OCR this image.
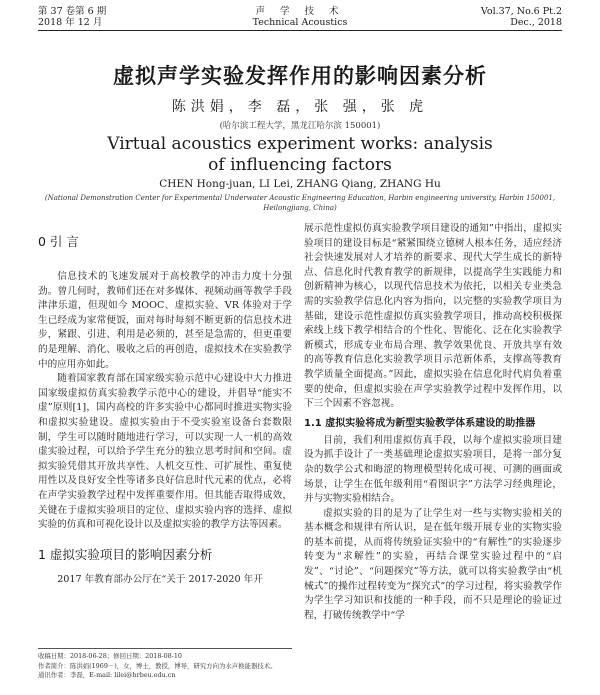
第 37 卷第 6 期
2018 年 12 月
声 学 技 术
Technical Acoustics
Vol.37, No.6 Pt.2
Dec., 2018
虚拟声学实验发挥作用的影响因素分析
陈洪娟，李 磊，张 强，张 虎
(哈尔滨工程大学，黑龙江哈尔滨 150001)
Virtual acoustics experiment works: analysis
of influencing factors
CHEN Hong-juan, LI Lei, ZHANG Qiang, ZHANG Hu
(National Demonstration Center for Experimental Underwater Acoustic Engineering Education, Harbin engineering university, Harbin 150001, Heilongjiang, China)
0 引 言

信息技术的飞速发展对于高校教学的冲击力度十分强劲。曾几何时，教师们还在对多媒体、视频动画等教学手段津津乐道，但现如今 MOOC、虚拟实验、VR 体验对于学生已经成为家常便饭，面对每时每刻不断更新的信息技术进步，紧跟、引进、利用是必须的，甚至是急需的，但更重要的是理解、消化、吸收之后的再创造，虚拟技术在实验教学中的应用亦如此。

随着国家教育部在国家级实验示范中心建设中大力推进国家级虚拟仿真实验教学示范中心的建设，并倡导“能实不虚”原则[1]，国内高校的许多实验中心都同时推进实物实验和虚拟实验建设。虚拟实验由于不受实验室设备台套数限制，学生可以随时随地进行学习，可以实现一人一机的高效虚实验过程，可以给予学生充分的独立思考时间和空间。虚拟实验凭借其开放共享性、人机交互性、可扩展性、重复使用性以及良好安全性等诸多良好信息时代元素的优点，必将在声学实验教学过程中发挥重要作用。但其能否取得成效，关键在于虚拟实验项目的定位、虚拟实验内容的选择、虚拟实验的仿真和可视化设计以及虚拟实验的教学方法等因素。

1 虚拟实验项目的影响因素分析

2017 年教育部办公厅在“关于 2017-2020 年开

展示范性虚拟仿真实验教学项目建设的通知”中指出，虚拟实验项目的建设目标是“紧紧围绕立德树人根本任务，适应经济社会快速发展对人才培养的新要求、现代大学生成长的新特点、信息化时代教育教学的新规律，以提高学生实践能力和创新精神为核心，以现代信息技术为依托，以相关专业类急需的实验教学信息化内容为指向，以完整的实验教学项目为基础，建设示范性虚拟仿真实验教学项目，推动高校积极探索线上线下教学相结合的个性化、智能化、泛在化实验教学新模式，形成专业布局合理、教学效果优良、开放共享有效的高等教育信息化实验教学项目示范新体系，支撑高等教育教学质量全面提高。”因此，虚拟实验在信息化时代肩负着重要的使命，但虚拟实验在声学实验教学过程中发挥作用，以下三个因素不容忽视。

1.1 虚拟实验将成为新型实验教学体系建设的助推器

目前，我们利用虚拟仿真手段，以每个虚拟实验项目建设为抓手设计了一类基础理论虚拟实验项目，是将一部分复杂的数学公式和晦涩的物理模型转化成可视、可测的画面或场景，让学生在低年级利用“看图识字”方法学习经典理论，并与实物实验相结合。

虚拟实验的目的是为了让学生对一些与实物实验相关的基本概念和规律有所认识，是在低年级开展专业的实物实验的基本前提，从而将传统验证实验中的“有解性”的实验逐步转变为“求解性”的实验，再结合课堂实验过程中的“启发”、“讨论”、“问题探究”等方法，就可以将实验教学由“机械式”的操作过程转变为“探究式”的学习过程，将实验教学作为学生学习知识和技能的一种手段，而不只是理论的验证过程，打破传统教学中“学

收稿日期：2018-06-28；修回日期：2018-08-10
作者简介：陈洪娟(1969－)，女，博士，教授，博导，研究方向为水声换能器技术。
通讯作者：李磊，E-mail: lilei@hrbeu.edu.cn
